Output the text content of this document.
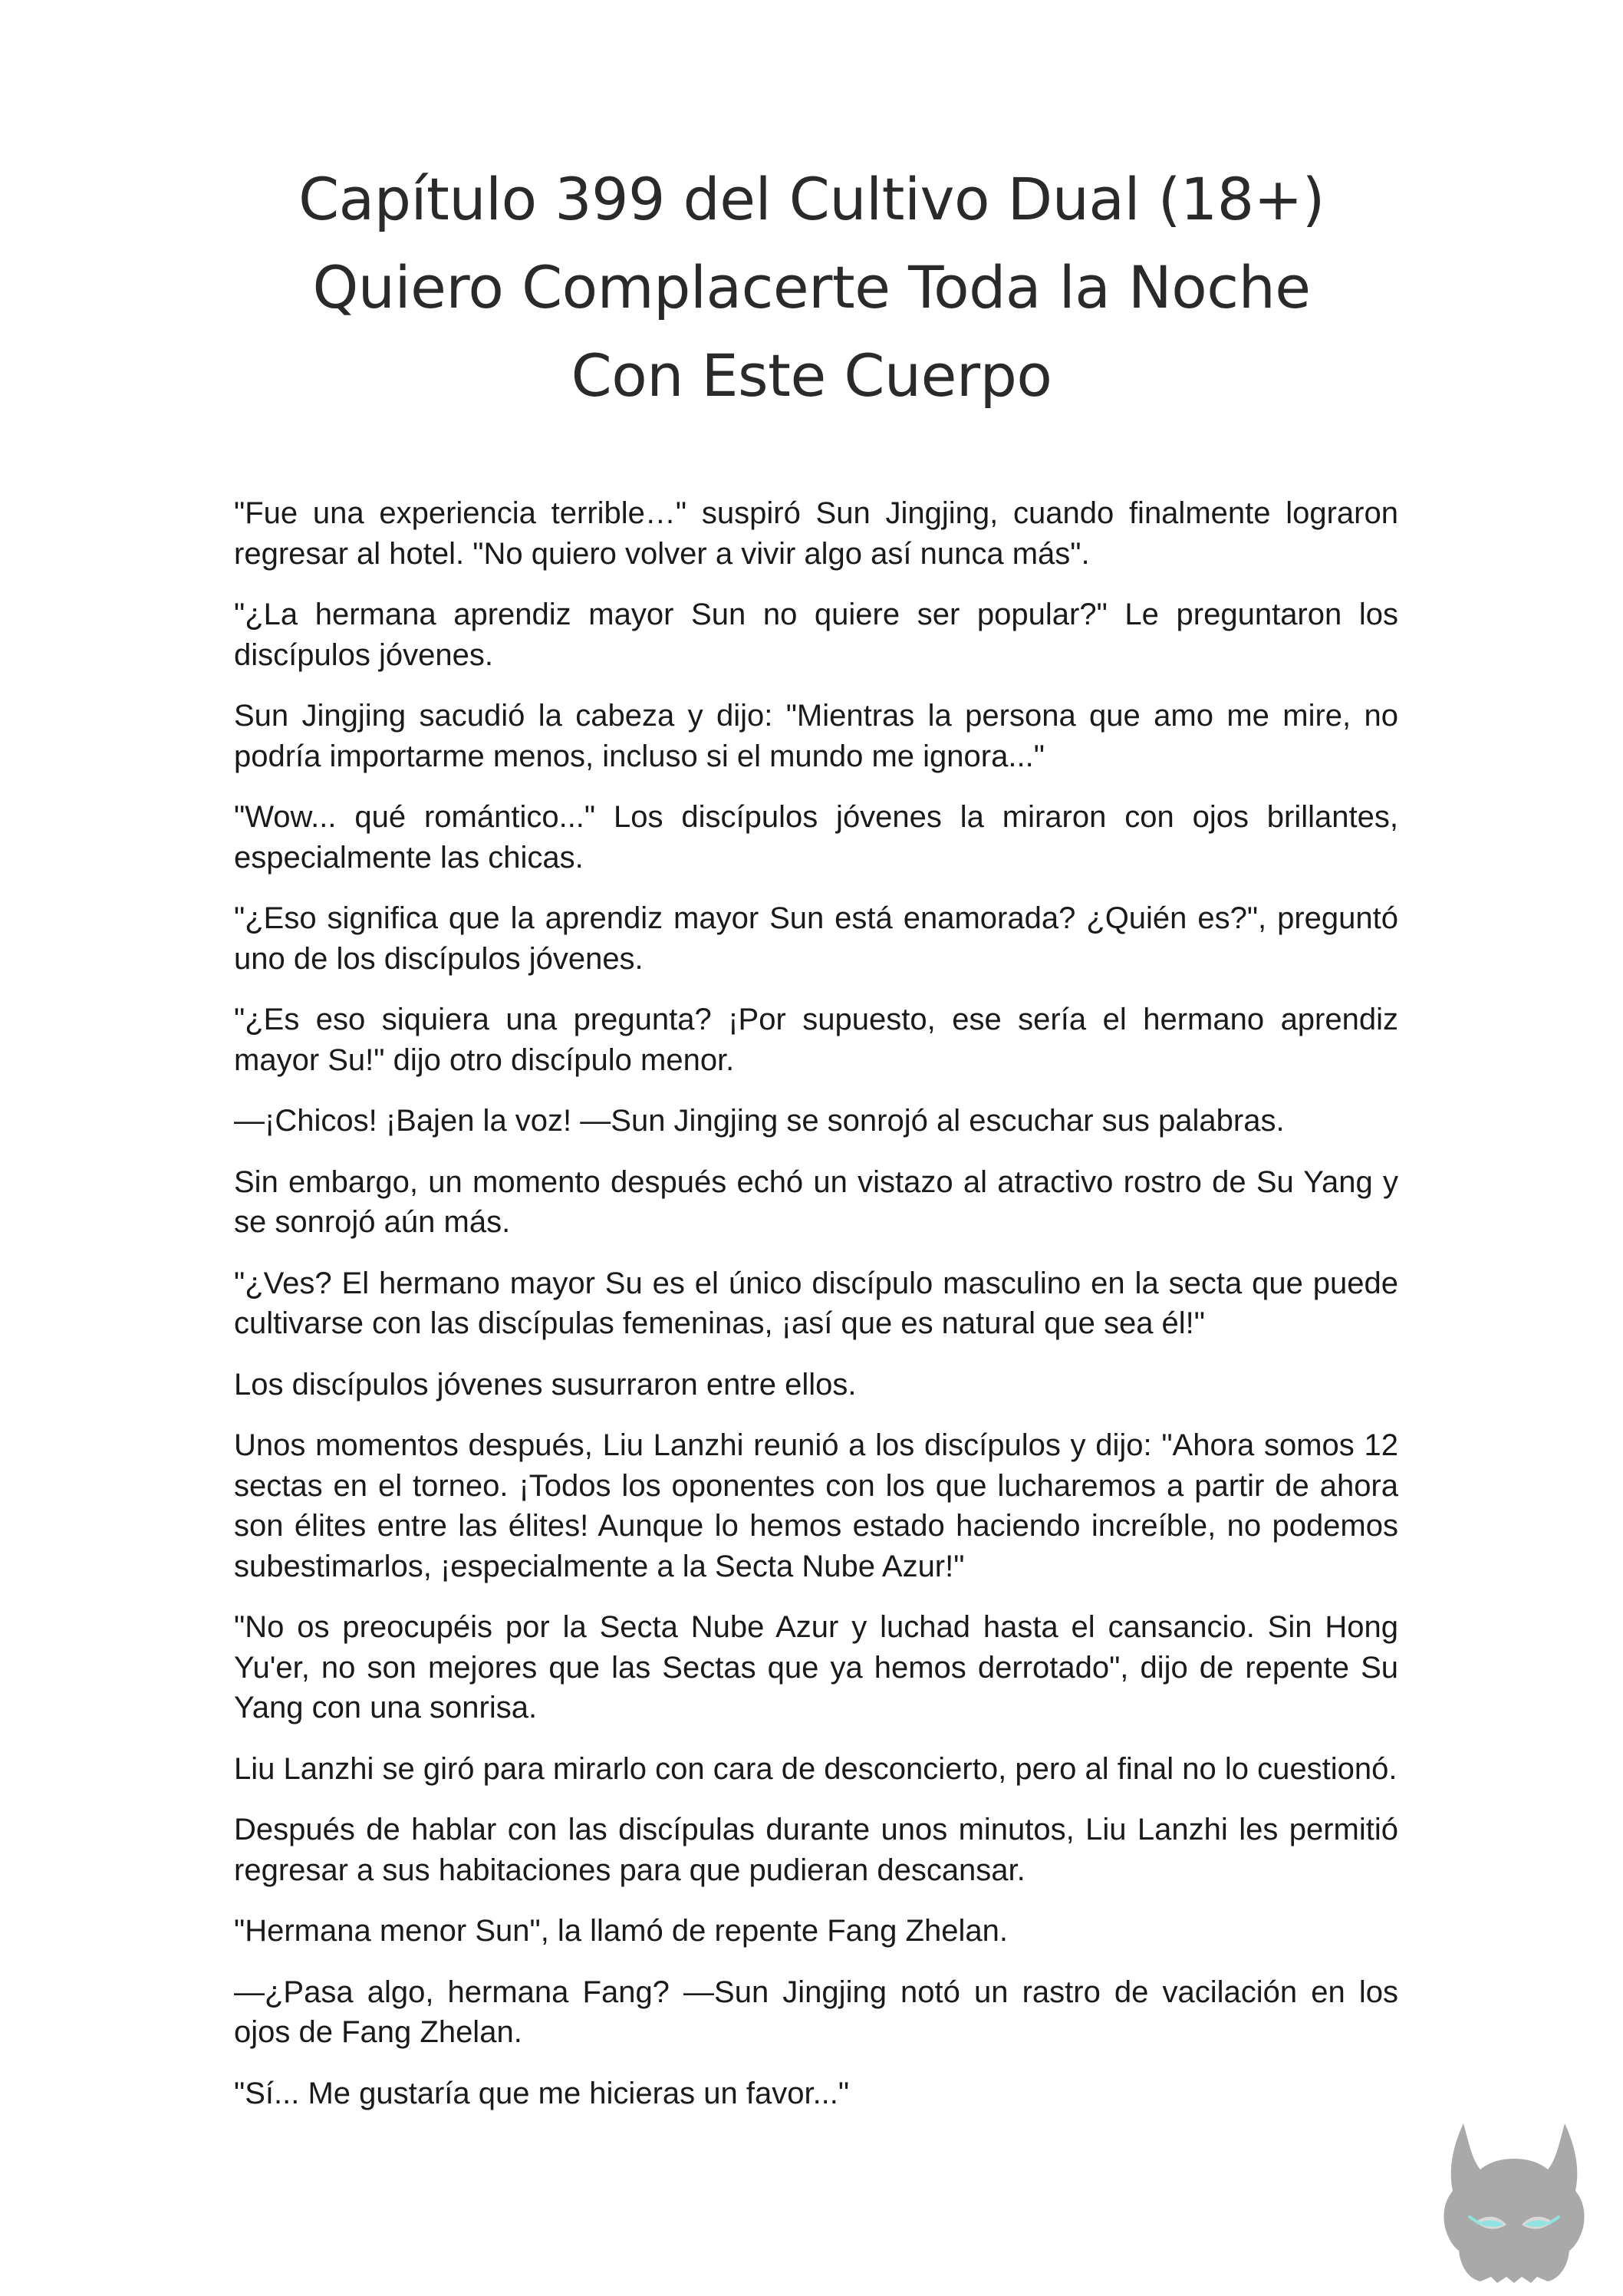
Capítulo 399 del Cultivo Dual (18+)
Quiero Complacerte Toda la Noche
Con Este Cuerpo

"Fue una experiencia terrible…" suspiró Sun Jingjing, cuando finalmente lograron regresar al hotel. "No quiero volver a vivir algo así nunca más".

"¿La hermana aprendiz mayor Sun no quiere ser popular?" Le preguntaron los discípulos jóvenes.

Sun Jingjing sacudió la cabeza y dijo: "Mientras la persona que amo me mire, no podría importarme menos, incluso si el mundo me ignora..."

"Wow... qué romántico..." Los discípulos jóvenes la miraron con ojos brillantes, especialmente las chicas.

"¿Eso significa que la aprendiz mayor Sun está enamorada? ¿Quién es?", preguntó uno de los discípulos jóvenes.

"¿Es eso siquiera una pregunta? ¡Por supuesto, ese sería el hermano aprendiz mayor Su!" dijo otro discípulo menor.

—¡Chicos! ¡Bajen la voz! —Sun Jingjing se sonrojó al escuchar sus palabras.

Sin embargo, un momento después echó un vistazo al atractivo rostro de Su Yang y se sonrojó aún más.

"¿Ves? El hermano mayor Su es el único discípulo masculino en la secta que puede cultivarse con las discípulas femeninas, ¡así que es natural que sea él!"

Los discípulos jóvenes susurraron entre ellos.

Unos momentos después, Liu Lanzhi reunió a los discípulos y dijo: "Ahora somos 12 sectas en el torneo. ¡Todos los oponentes con los que lucharemos a partir de ahora son élites entre las élites! Aunque lo hemos estado haciendo increíble, no podemos subestimarlos, ¡especialmente a la Secta Nube Azur!"

"No os preocupéis por la Secta Nube Azur y luchad hasta el cansancio. Sin Hong Yu'er, no son mejores que las Sectas que ya hemos derrotado", dijo de repente Su Yang con una sonrisa.

Liu Lanzhi se giró para mirarlo con cara de desconcierto, pero al final no lo cuestionó.

Después de hablar con las discípulas durante unos minutos, Liu Lanzhi les permitió regresar a sus habitaciones para que pudieran descansar.

"Hermana menor Sun", la llamó de repente Fang Zhelan.

—¿Pasa algo, hermana Fang? —Sun Jingjing notó un rastro de vacilación en los ojos de Fang Zhelan.

"Sí... Me gustaría que me hicieras un favor..."
